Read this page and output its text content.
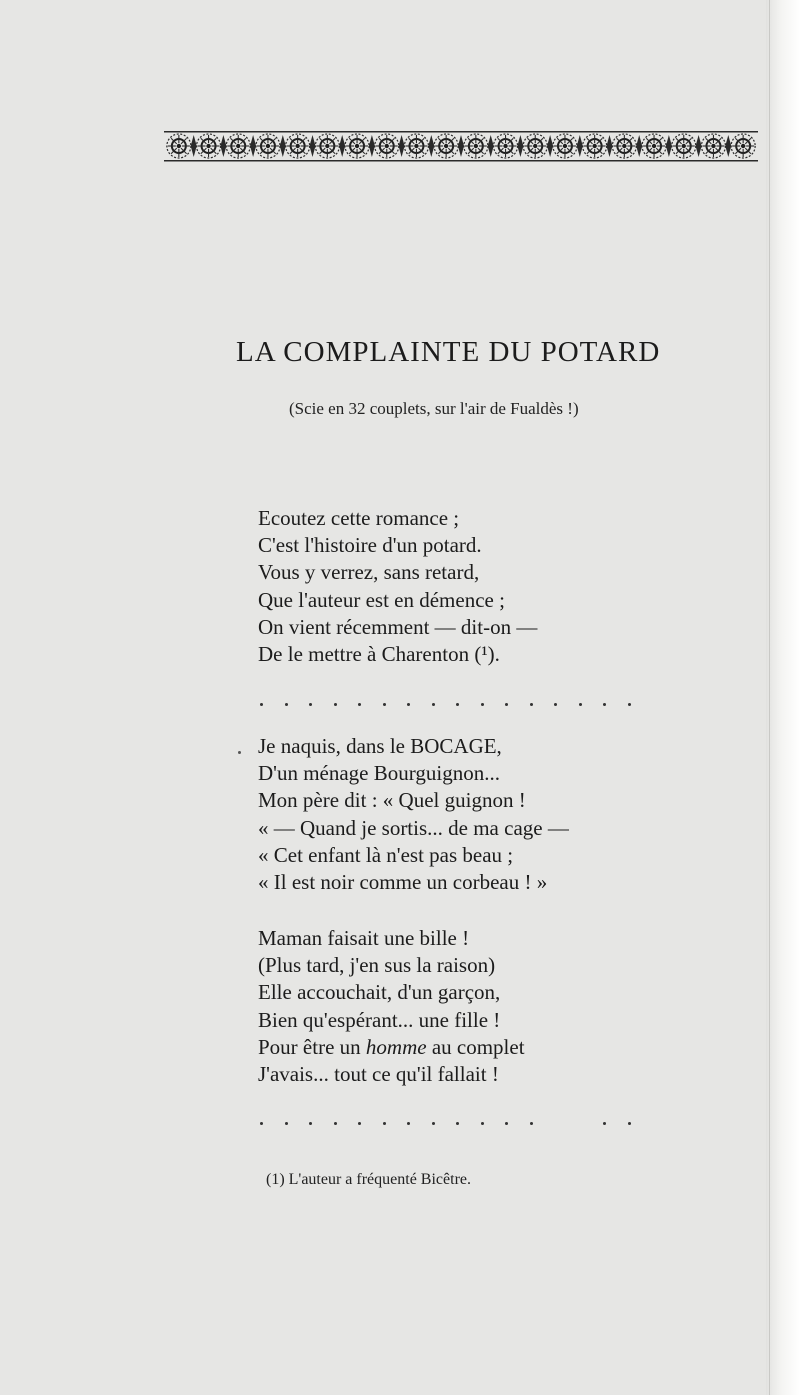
LA COMPLAINTE DU POTARD
(Scie en 32 couplets, sur l'air de Fualdès !)
Ecoutez cette romance ;
C'est l'histoire d'un potard.
Vous y verrez, sans retard,
Que l'auteur est en démence ;
On vient récemment — dit-on —
De le mettre à Charenton (¹).
Je naquis, dans le BOCAGE,
D'un ménage Bourguignon...
Mon père dit : « Quel guignon !
« — Quand je sortis... de ma cage —
« Cet enfant là n'est pas beau ;
« Il est noir comme un corbeau ! »
Maman faisait une bille !
(Plus tard, j'en sus la raison)
Elle accouchait, d'un garçon,
Bien qu'espérant... une fille !
Pour être un homme au complet
J'avais... tout ce qu'il fallait !
(1) L'auteur a fréquenté Bicêtre.
